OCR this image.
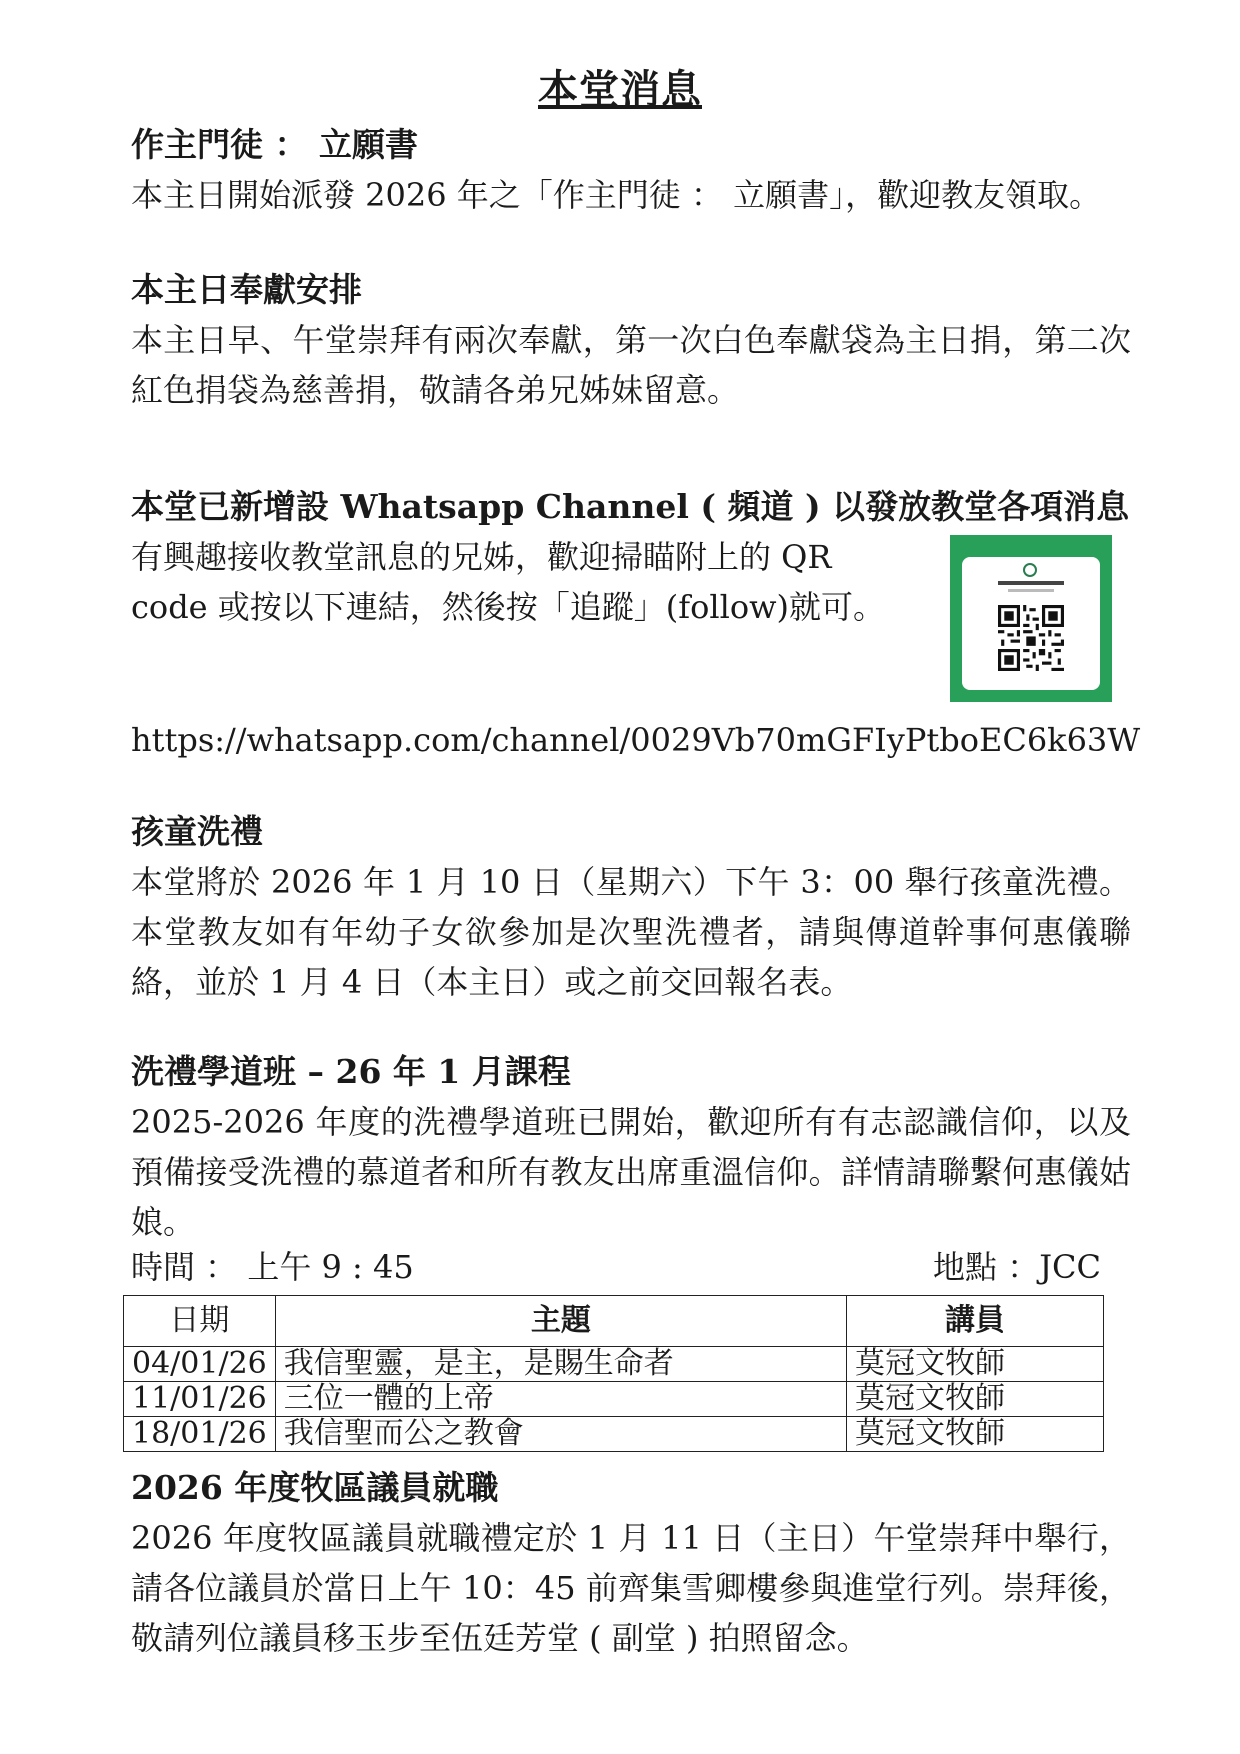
本堂消息
作主門徒 ： 立願書
本主日開始派發 2026 年之「作主門徒 ： 立願書」，歡迎教友領取。
本主日奉獻安排
本主日早、午堂崇拜有兩次奉獻，第一次白色奉獻袋為主日捐，第二次紅色捐袋為慈善捐，敬請各弟兄姊妹留意。
本堂已新增設 Whatsapp Channel ( 頻道 ) 以發放教堂各項消息
有興趣接收教堂訊息的兄姊，歡迎掃瞄附上的 QR
code 或按以下連結，然後按「追蹤」(follow)就可。
https://whatsapp.com/channel/0029Vb70mGFIyPtboEC6k63W
孩童洗禮
本堂將於 2026 年 1 月 10 日（星期六）下午 3：00 舉行孩童洗禮。本堂教友如有年幼子女欲參加是次聖洗禮者，請與傳道幹事何惠儀聯絡，並於 1 月 4 日（本主日）或之前交回報名表。
洗禮學道班 – 26 年 1 月課程
2025-2026 年度的洗禮學道班已開始，歡迎所有有志認識信仰，以及預備接受洗禮的慕道者和所有教友出席重溫信仰。詳情請聯繫何惠儀姑娘。
時間 ： 上午 9 : 45	地點 ：JCC
日期	主題	講員
04/01/26	我信聖靈，是主，是賜生命者	莫冠文牧師
11/01/26	三位一體的上帝	莫冠文牧師
18/01/26	我信聖而公之教會	莫冠文牧師
2026 年度牧區議員就職
2026 年度牧區議員就職禮定於 1 月 11 日（主日）午堂崇拜中舉行，請各位議員於當日上午 10：45 前齊集雪卿樓參與進堂行列。崇拜後，敬請列位議員移玉步至伍廷芳堂 ( 副堂 ) 拍照留念。
